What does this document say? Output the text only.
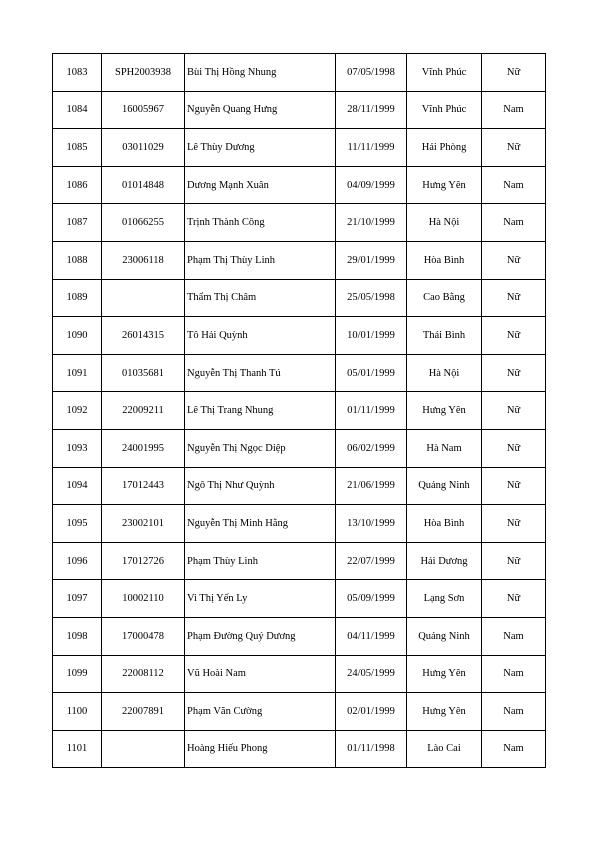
1083	SPH2003938	Bùi Thị Hồng Nhung	07/05/1998	Vĩnh Phúc	Nữ
1084	16005967	Nguyễn Quang Hưng	28/11/1999	Vĩnh Phúc	Nam
1085	03011029	Lê Thùy Dương	11/11/1999	Hải Phòng	Nữ
1086	01014848	Dương Mạnh Xuân	04/09/1999	Hưng Yên	Nam
1087	01066255	Trịnh Thành Công	21/10/1999	Hà Nội	Nam
1088	23006118	Phạm Thị Thùy Linh	29/01/1999	Hòa Bình	Nữ
1089		Thẩm Thị Châm	25/05/1998	Cao Bằng	Nữ
1090	26014315	Tô Hải Quỳnh	10/01/1999	Thái Bình	Nữ
1091	01035681	Nguyễn Thị Thanh Tú	05/01/1999	Hà Nội	Nữ
1092	22009211	Lê Thị Trang Nhung	01/11/1999	Hưng Yên	Nữ
1093	24001995	Nguyễn Thị Ngọc Diệp	06/02/1999	Hà Nam	Nữ
1094	17012443	Ngô Thị Như Quỳnh	21/06/1999	Quảng Ninh	Nữ
1095	23002101	Nguyễn Thị Minh Hằng	13/10/1999	Hòa Bình	Nữ
1096	17012726	Phạm Thùy Linh	22/07/1999	Hải Dương	Nữ
1097	10002110	Vi Thị Yến Ly	05/09/1999	Lạng Sơn	Nữ
1098	17000478	Phạm Đường Quý Dương	04/11/1999	Quảng Ninh	Nam
1099	22008112	Vũ Hoài Nam	24/05/1999	Hưng Yên	Nam
1100	22007891	Phạm Văn Cường	02/01/1999	Hưng Yên	Nam
1101		Hoàng Hiếu Phong	01/11/1998	Lào Cai	Nam
